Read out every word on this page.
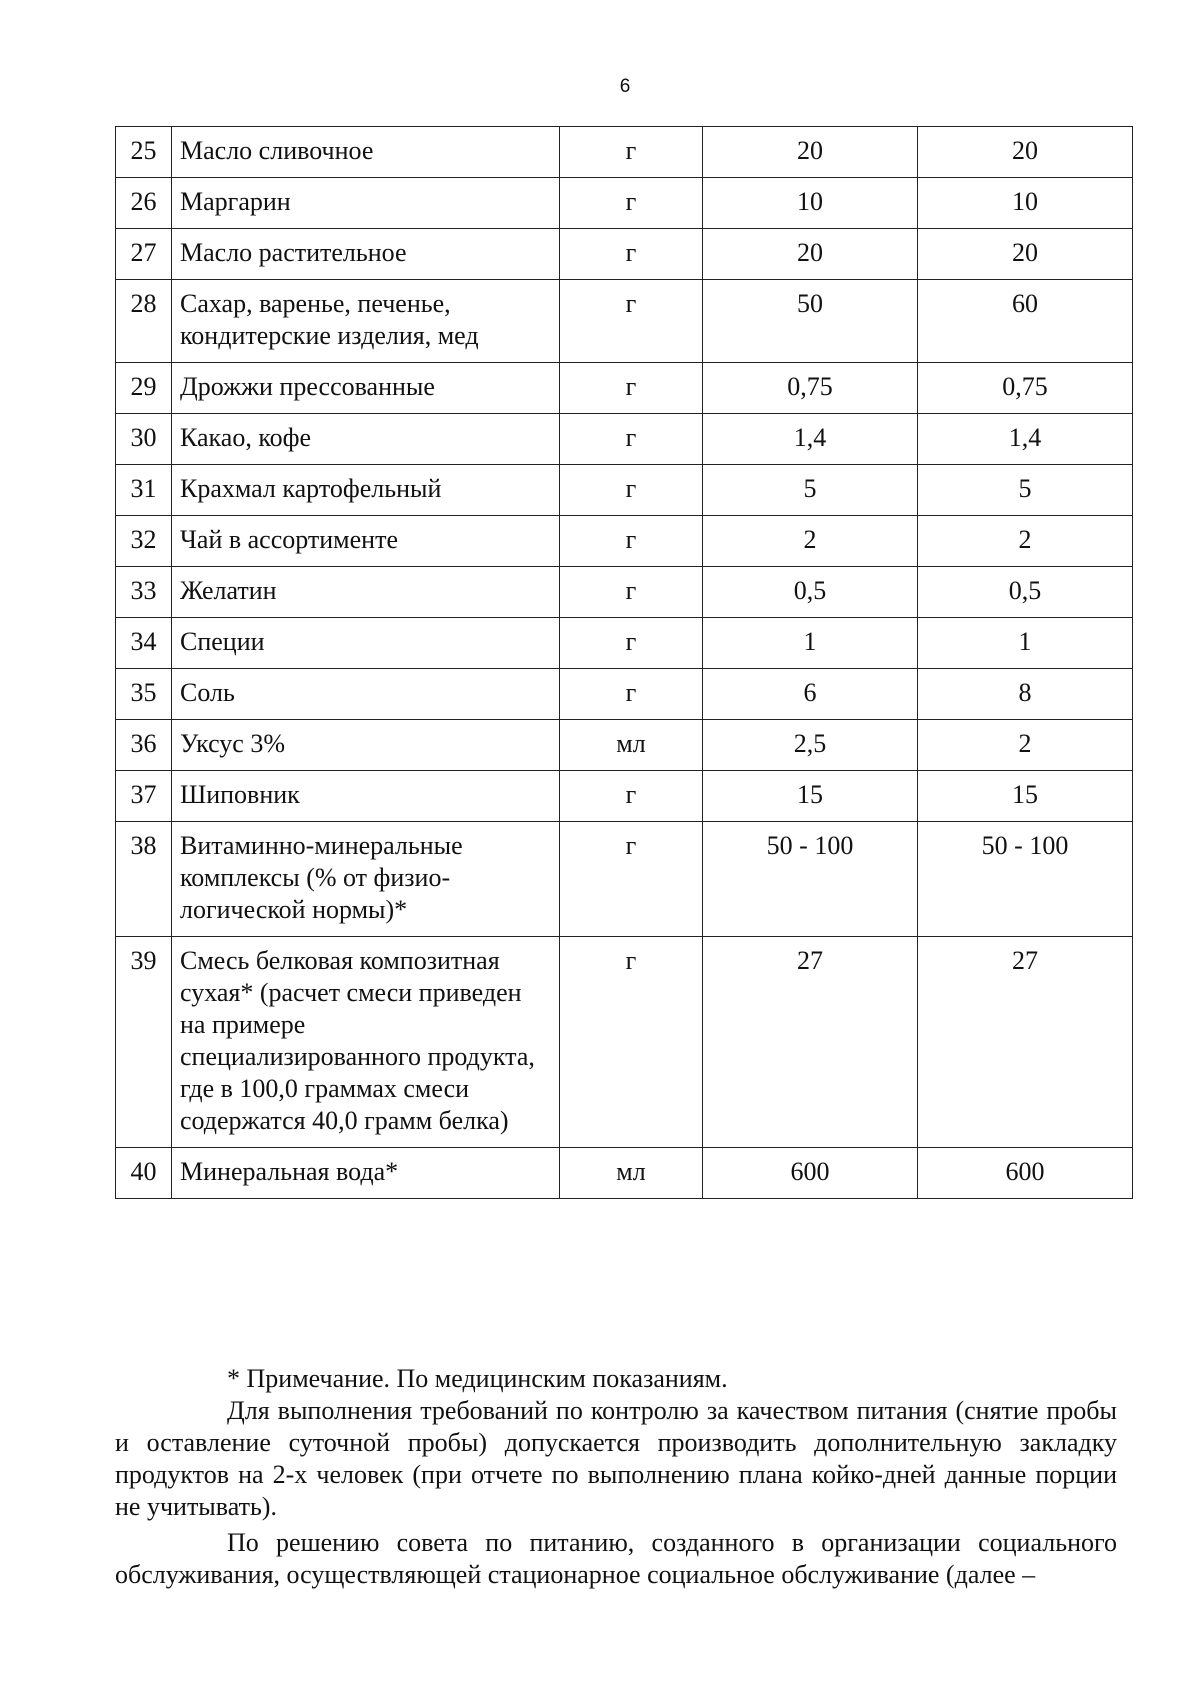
6
25	Масло сливочное	г	20	20
26	Маргарин	г	10	10
27	Масло растительное	г	20	20
28	Сахар, варенье, печенье, кондитерские изделия, мед	г	50	60
29	Дрожжи прессованные	г	0,75	0,75
30	Какао, кофе	г	1,4	1,4
31	Крахмал картофельный	г	5	5
32	Чай в ассортименте	г	2	2
33	Желатин	г	0,5	0,5
34	Специи	г	1	1
35	Соль	г	6	8
36	Уксус 3%	мл	2,5	2
37	Шиповник	г	15	15
38	Витаминно-минеральные комплексы (% от физио- логической нормы)*	г	50 - 100	50 - 100
39	Смесь белковая композитная сухая* (расчет смеси приведен на примере специализированного продукта, где в 100,0 граммах смеси содержатся 40,0 грамм белка)	г	27	27
40	Минеральная вода*	мл	600	600

* Примечание. По медицинским показаниям.

Для выполнения требований по контролю за качеством питания (снятие пробы и оставление суточной пробы) допускается производить дополнительную закладку продуктов на 2-х человек (при отчете по выполнению плана койко-дней данные порции не учитывать).

По решению совета по питанию, созданного в организации социального обслуживания, осуществляющей стационарное социальное обслуживание (далее –
